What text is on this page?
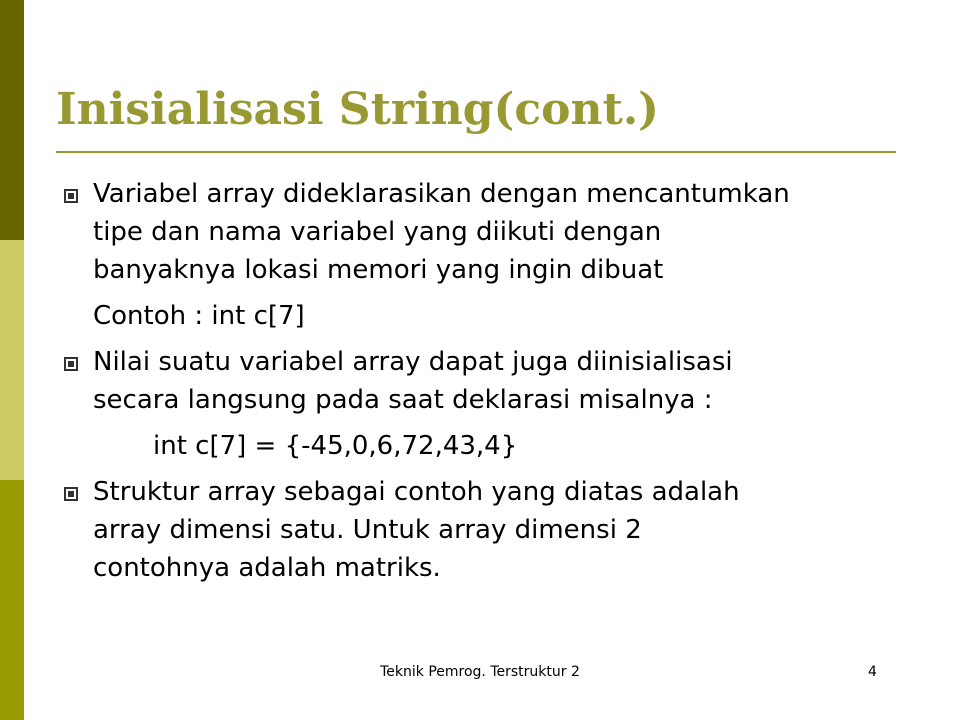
Inisialisasi String(cont.)
Variabel array dideklarasikan dengan mencantumkan
tipe dan nama variabel yang diikuti dengan
banyaknya lokasi memori yang ingin dibuat

Contoh : int c[7]

Nilai suatu variabel array dapat juga diinisialisasi
secara langsung pada saat deklarasi misalnya :

int c[7] = {-45,0,6,72,43,4}

Struktur array sebagai contoh yang diatas adalah
array dimensi satu. Untuk array dimensi 2
contohnya adalah matriks.
Teknik Pemrog. Terstruktur 2	4
